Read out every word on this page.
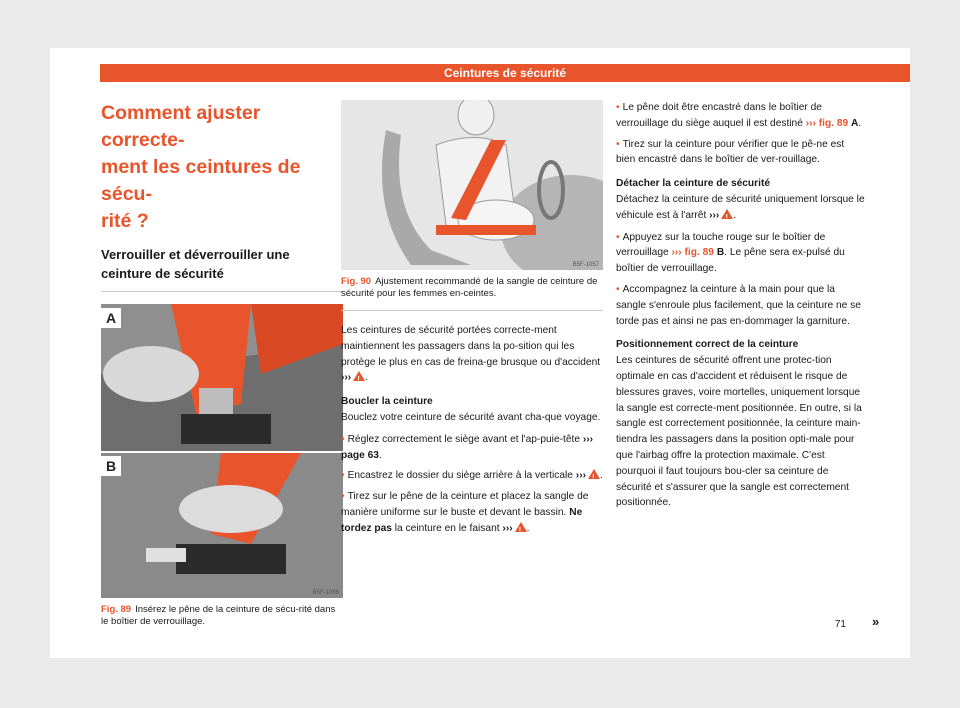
Ceintures de sécurité
Comment ajuster correcte-
ment les ceintures de sécu-
rité ?
Verrouiller et déverrouiller une
ceinture de sécurité
A
B
B5F-1056
Fig. 89 Insérez le pêne de la ceinture de sécu-rité dans le boîtier de verrouillage.
B5F-1057
Fig. 90 Ajustement recommandé de la sangle de ceinture de sécurité pour les femmes en-ceintes.

Les ceintures de sécurité portées correcte-ment maintiennent les passagers dans la po-sition qui les protège le plus en cas de freina-ge brusque ou d'accident ››› ! .

Boucler la ceinture

Bouclez votre ceinture de sécurité avant cha-que voyage.

• Réglez correctement le siège avant et l'ap-puie-tête ››› page 63.

• Encastrez le dossier du siège arrière à la verticale ››› ! .

• Tirez sur le pêne de la ceinture et placez la sangle de manière uniforme sur le buste et devant le bassin. Ne tordez pas la ceinture en le faisant ››› ! .

• Le pêne doit être encastré dans le boîtier de verrouillage du siège auquel il est destiné ››› fig. 89 A.

• Tirez sur la ceinture pour vérifier que le pê-ne est bien encastré dans le boîtier de ver-rouillage.

Détacher la ceinture de sécurité

Détachez la ceinture de sécurité uniquement lorsque le véhicule est à l'arrêt ››› ! .

• Appuyez sur la touche rouge sur le boîtier de verrouillage ››› fig. 89 B. Le pêne sera ex-pulsé du boîtier de verrouillage.

• Accompagnez la ceinture à la main pour que la sangle s'enroule plus facilement, que la ceinture ne se torde pas et ainsi ne pas en-dommager la garniture.

Positionnement correct de la ceinture

Les ceintures de sécurité offrent une protec-tion optimale en cas d'accident et réduisent le risque de blessures graves, voire mortelles, uniquement lorsque la sangle est correcte-ment positionnée. En outre, si la sangle est correctement positionnée, la ceinture main-tiendra les passagers dans la position opti-male pour que l'airbag offre la protection maximale. C'est pourquoi il faut toujours bou-cler sa ceinture de sécurité et s'assurer que la sangle est correctement positionnée.

»
71
